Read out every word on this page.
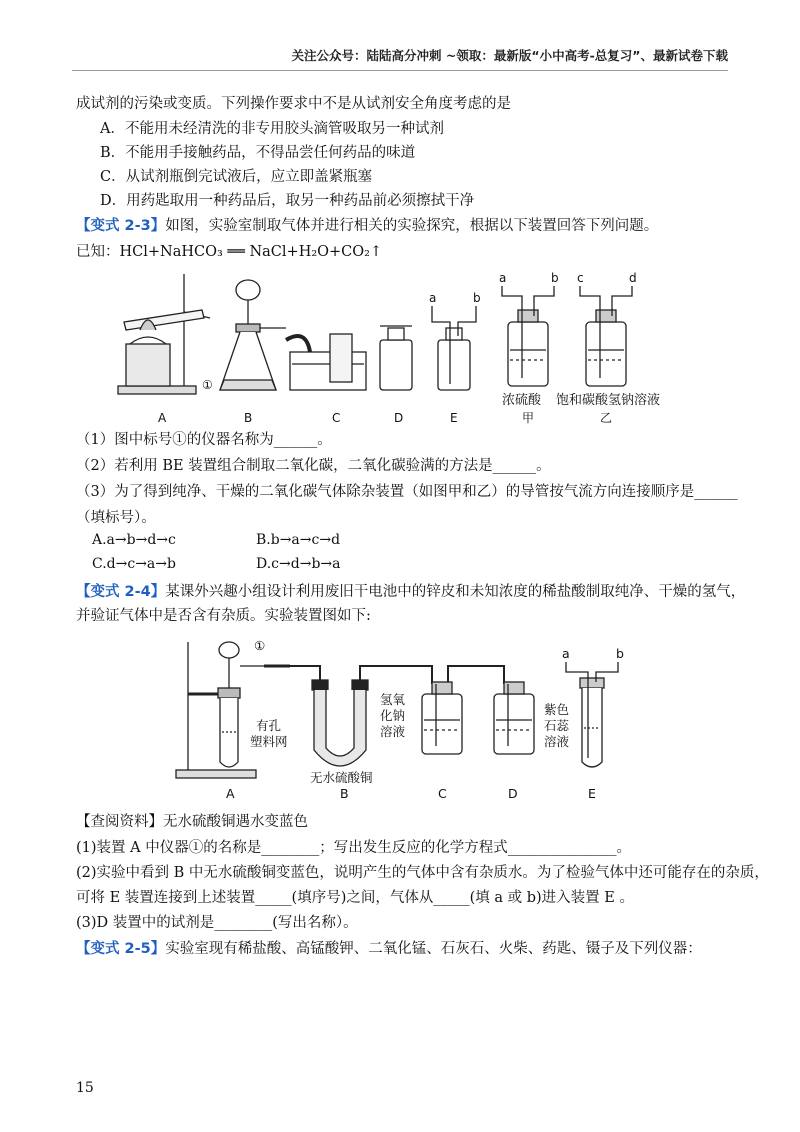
关注公众号：陆陆高分冲刺 ~领取：最新版“小中高考-总复习”、最新试卷下载
成试剂的污染或变质。下列操作要求中不是从试剂安全角度考虑的是
A．不能用未经清洗的非专用胶头滴管吸取另一种试剂
B．不能用手接触药品，不得品尝任何药品的味道
C．从试剂瓶倒完试液后，应立即盖紧瓶塞
D．用药匙取用一种药品后，取另一种药品前必须擦拭干净
【变式 2-3】如图，实验室制取气体并进行相关的实验探究，根据以下装置回答下列问题。
已知：HCl+NaHCO₃ ══ NaCl+H₂O+CO₂↑
①
a	b
a	b c	d
浓硫酸 饱和碳酸氢钠溶液
A	B	C	D	E	甲	乙
（1）图中标号①的仪器名称为______。
（2）若利用 BE 装置组合制取二氧化碳，二氧化碳验满的方法是______。
（3）为了得到纯净、干燥的二氧化碳气体除杂装置（如图甲和乙）的导管按气流方向连接顺序是______
（填标号）。
A.a→b→d→c	B.b→a→c→d
C.d→c→a→b	D.c→d→b→a
【变式 2-4】某课外兴趣小组设计利用废旧干电池中的锌皮和未知浓度的稀盐酸制取纯净、干燥的氢气，
并验证气体中是否含有杂质。实验装置图如下:
①
有孔
塑料网
氢氧
化钠
溶液
无水硫酸铜
紫色
石蕊
溶液
a	b
A	B	C	D	E
【查阅资料】无水硫酸铜遇水变蓝色
(1)装置 A 中仪器①的名称是________；写出发生反应的化学方程式_______________。
(2)实验中看到 B 中无水硫酸铜变蓝色，说明产生的气体中含有杂质水。为了检验气体中还可能存在的杂质，
可将 E 装置连接到上述装置_____(填序号)之间，气体从_____(填 a 或 b)进入装置 E 。
(3)D 装置中的试剂是________(写出名称）。
【变式 2-5】实验室现有稀盐酸、高锰酸钾、二氧化锰、石灰石、火柴、药匙、镊子及下列仪器：
15
